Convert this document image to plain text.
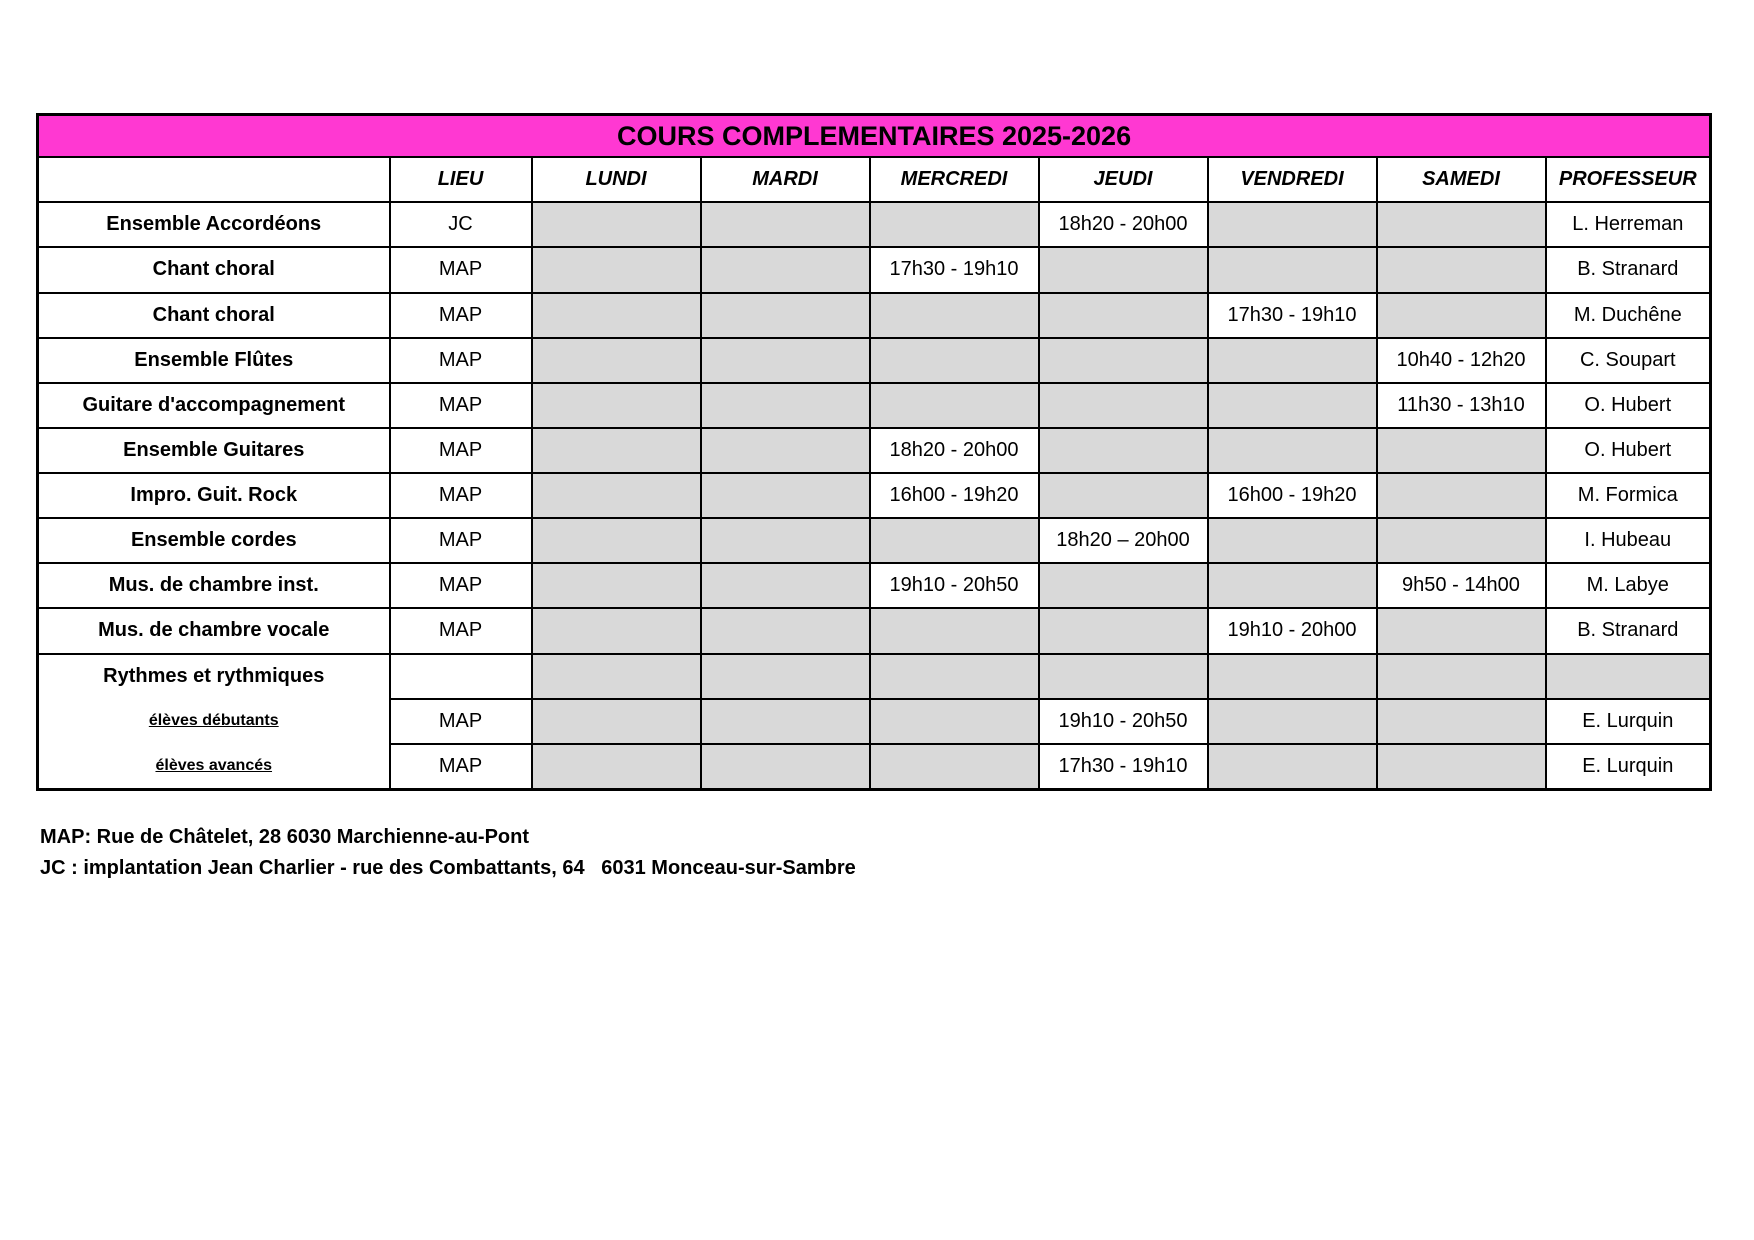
COURS COMPLEMENTAIRES 2025-2026								
	LIEU	LUNDI	MARDI	MERCREDI	JEUDI	VENDREDI	SAMEDI	PROFESSEUR
Ensemble Accordéons	JC				18h20 - 20h00			L. Herreman
Chant choral	MAP			17h30 - 19h10				B. Stranard
Chant choral	MAP					17h30 - 19h10		M. Duchêne
Ensemble Flûtes	MAP						10h40 - 12h20	C. Soupart
Guitare d'accompagnement	MAP						11h30 - 13h10	O. Hubert
Ensemble Guitares	MAP			18h20 - 20h00				O. Hubert
Impro. Guit. Rock	MAP			16h00 - 19h20		16h00 - 19h20		M. Formica
Ensemble cordes	MAP				18h20 – 20h00			I. Hubeau
Mus. de chambre inst.	MAP			19h10 - 20h50			9h50 - 14h00	M. Labye
Mus. de chambre vocale	MAP					19h10 - 20h00		B. Stranard
Rythmes et rythmiques								
élèves débutants	MAP				19h10 - 20h50			E. Lurquin
élèves avancés	MAP				17h30 - 19h10			E. Lurquin
MAP: Rue de Châtelet, 28 6030 Marchienne-au-Pont
JC : implantation Jean Charlier - rue des Combattants, 64   6031 Monceau-sur-Sambre
